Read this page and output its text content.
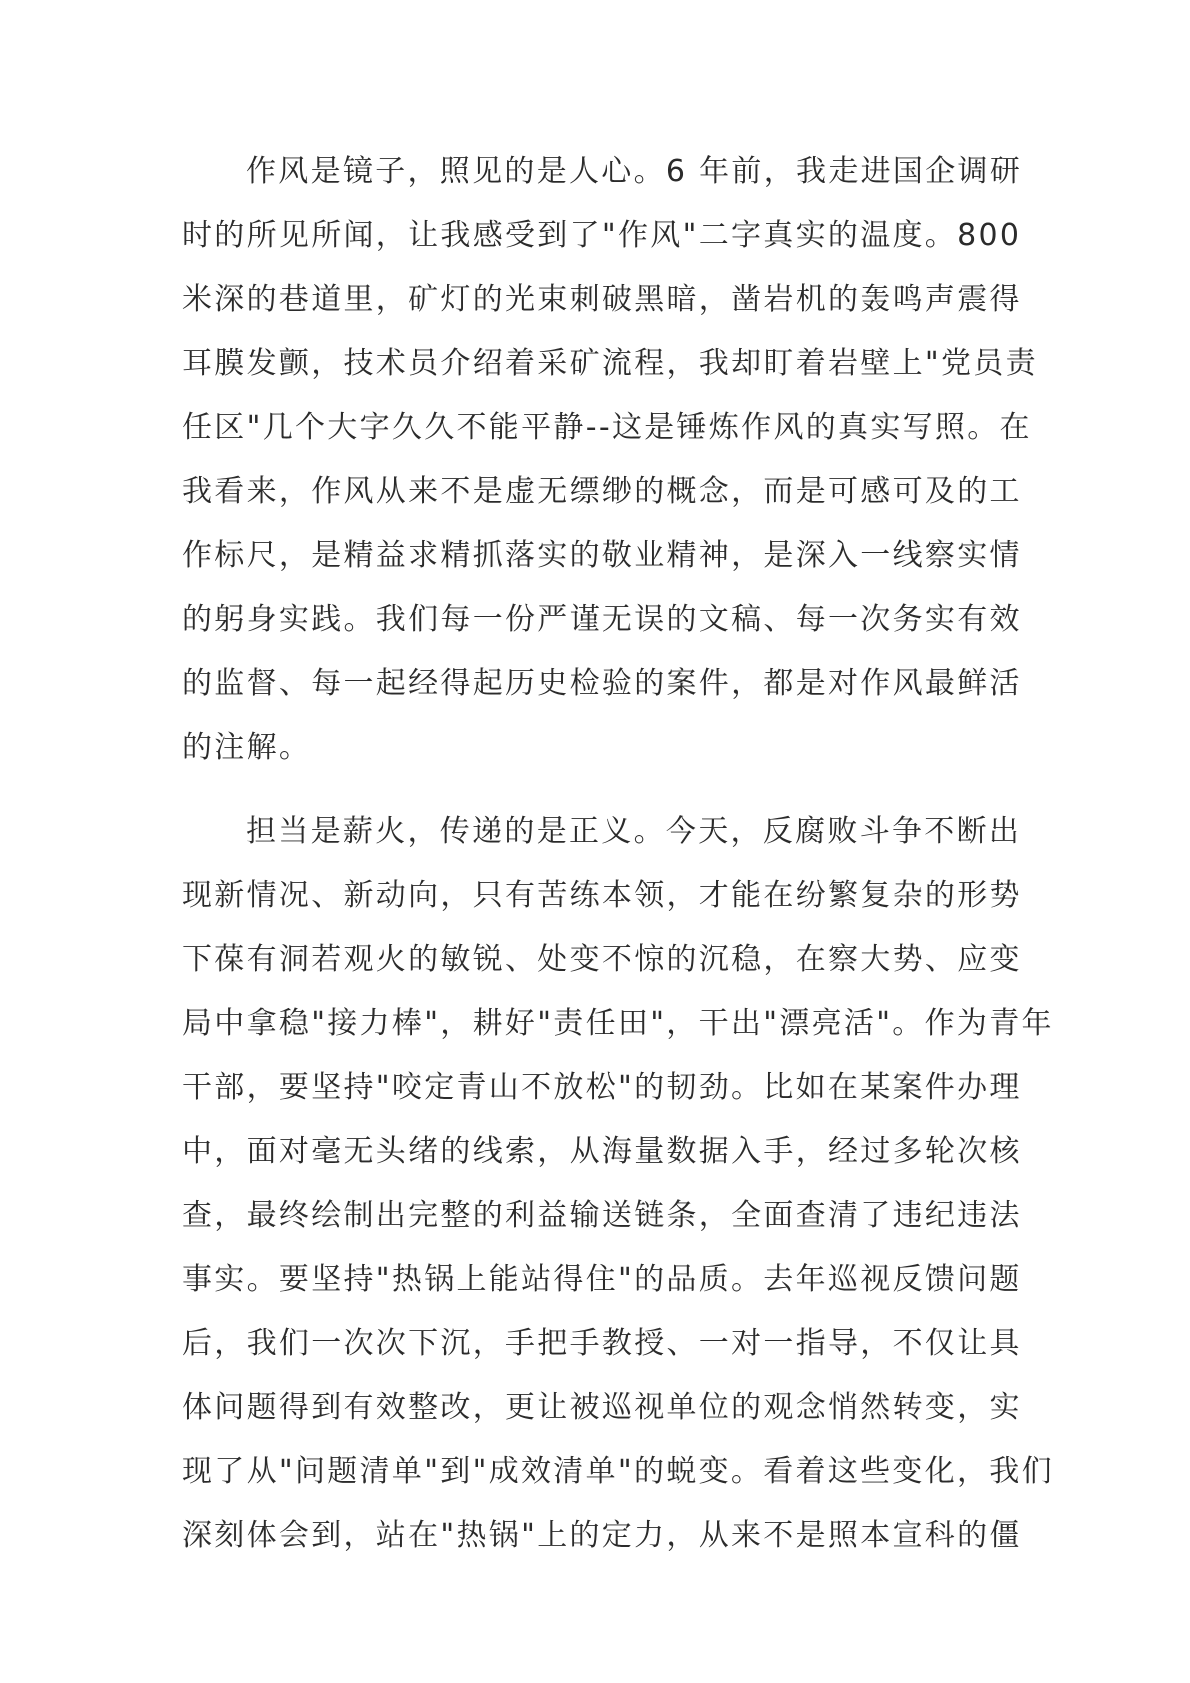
作风是镜子，照见的是人心。6 年前，我走进国企调研
时的所见所闻，让我感受到了"作风"二字真实的温度。800
米深的巷道里，矿灯的光束刺破黑暗，凿岩机的轰鸣声震得
耳膜发颤，技术员介绍着采矿流程，我却盯着岩壁上"党员责
任区"几个大字久久不能平静--这是锤炼作风的真实写照。在
我看来，作风从来不是虚无缥缈的概念，而是可感可及的工
作标尺，是精益求精抓落实的敬业精神，是深入一线察实情
的躬身实践。我们每一份严谨无误的文稿、每一次务实有效
的监督、每一起经得起历史检验的案件，都是对作风最鲜活
的注解。
担当是薪火，传递的是正义。今天，反腐败斗争不断出
现新情况、新动向，只有苦练本领，才能在纷繁复杂的形势
下葆有洞若观火的敏锐、处变不惊的沉稳，在察大势、应变
局中拿稳"接力棒"，耕好"责任田"，干出"漂亮活"。作为青年
干部，要坚持"咬定青山不放松"的韧劲。比如在某案件办理
中，面对毫无头绪的线索，从海量数据入手，经过多轮次核
查，最终绘制出完整的利益输送链条，全面查清了违纪违法
事实。要坚持"热锅上能站得住"的品质。去年巡视反馈问题
后，我们一次次下沉，手把手教授、一对一指导，不仅让具
体问题得到有效整改，更让被巡视单位的观念悄然转变，实
现了从"问题清单"到"成效清单"的蜕变。看着这些变化，我们
深刻体会到，站在"热锅"上的定力，从来不是照本宣科的僵
